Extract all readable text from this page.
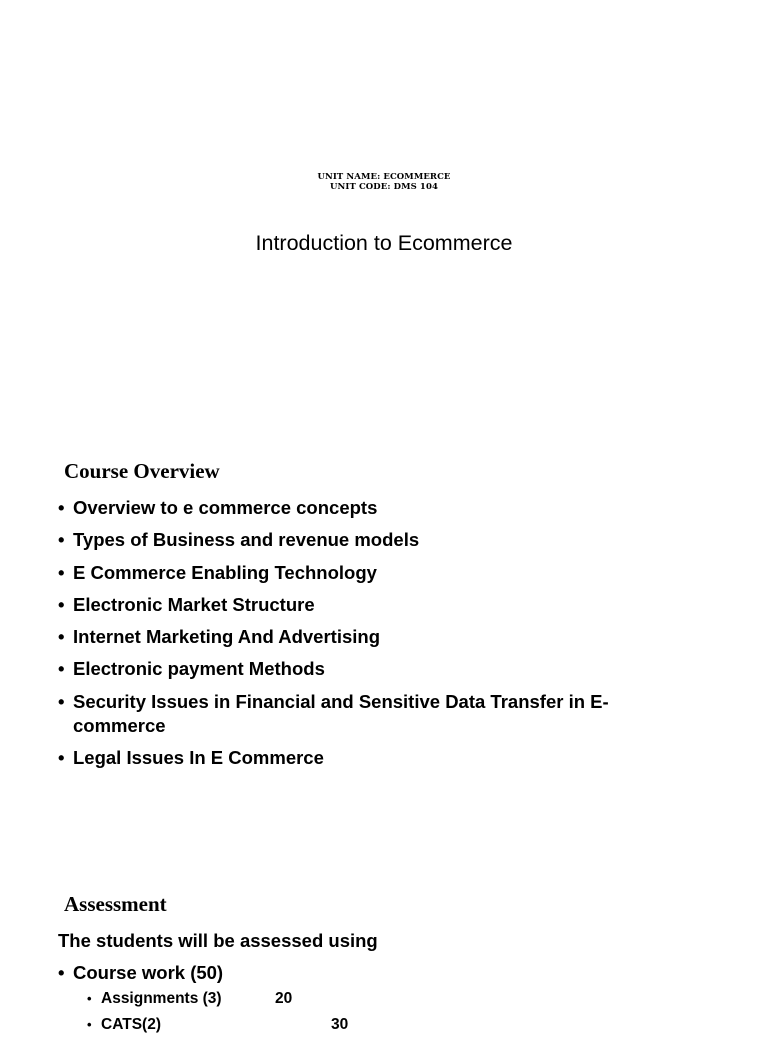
UNIT NAME: ECOMMERCE
UNIT CODE: DMS 104
Introduction to Ecommerce
Course Overview
• Overview to e commerce concepts
• Types of Business and revenue models
• E Commerce Enabling Technology
• Electronic Market Structure
• Internet Marketing And Advertising
• Electronic payment Methods
• Security Issues in Financial and Sensitive Data Transfer in E-commerce
• Legal Issues In E Commerce
Assessment
The students will be assessed using
• Course work (50)
• Assignments (3)	20
• CATS(2)	30
